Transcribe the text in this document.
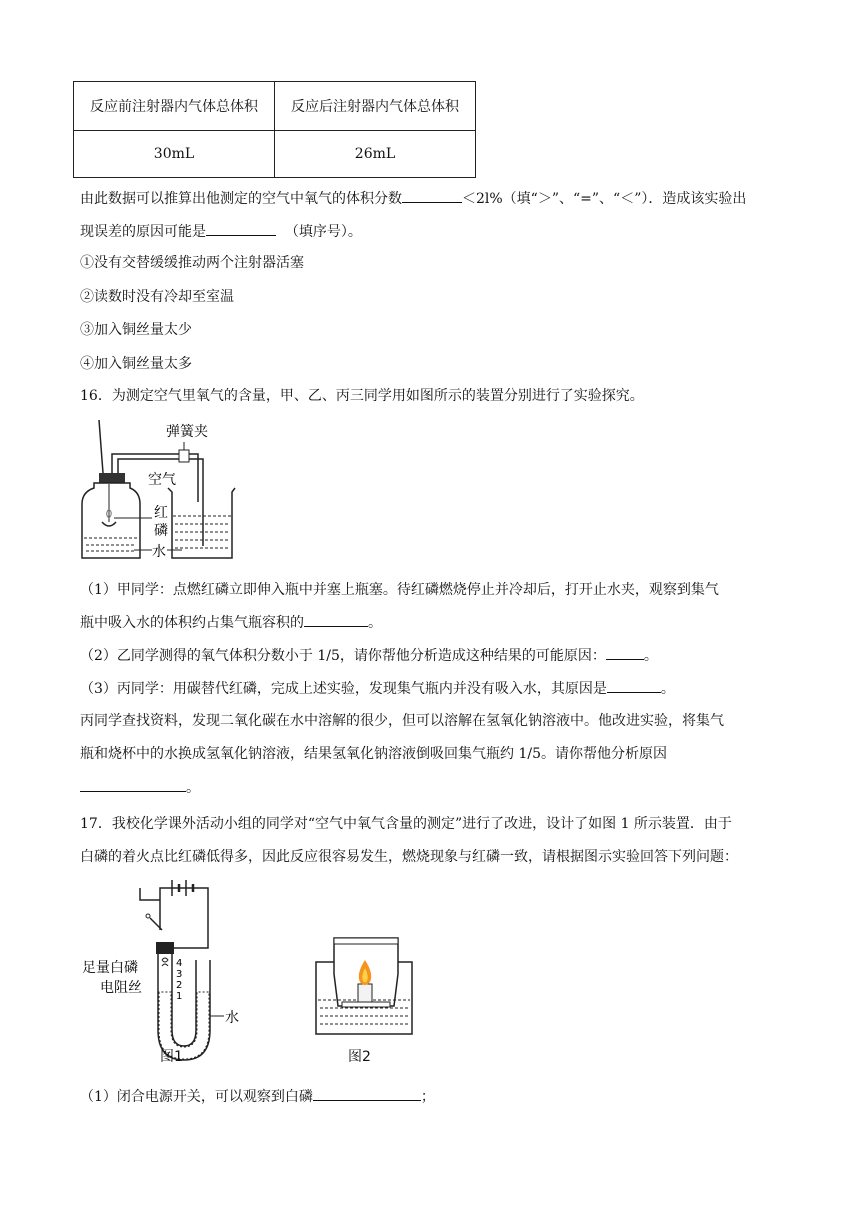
反应前注射器内气体总体积	反应后注射器内气体总体积
30mL	26mL
由此数据可以推算出他测定的空气中氧气的体积分数	＜2l%（填“＞”、“=”、“＜”）．造成该实验出
现误差的原因可能是	（填序号）。
①没有交替缓缓推动两个注射器活塞
②读数时没有冷却至室温
③加入铜丝量太少
④加入铜丝量太多
16．为测定空气里氧气的含量，甲、乙、丙三同学用如图所示的装置分别进行了实验探究。
弹簧夹
空气
红
磷
水
（1）甲同学：点燃红磷立即伸入瓶中并塞上瓶塞。待红磷燃烧停止并冷却后，打开止水夹，观察到集气
瓶中吸入水的体积约占集气瓶容积的	。
（2）乙同学测得的氧气体积分数小于 1/5，请你帮他分析造成这种结果的可能原因：	。
（3）丙同学：用碳替代红磷，完成上述实验，发现集气瓶内并没有吸入水，其原因是	。
丙同学查找资料，发现二氧化碳在水中溶解的很少，但可以溶解在氢氧化钠溶液中。他改进实验，将集气
瓶和烧杯中的水换成氢氧化钠溶液，结果氢氧化钠溶液倒吸回集气瓶约 1/5。请你帮他分析原因
。
17．我校化学课外活动小组的同学对“空气中氧气含量的测定”进行了改进，设计了如图 1 所示装置．由于
白磷的着火点比红磷低得多，因此反应很容易发生，燃烧现象与红磷一致，请根据图示实验回答下列问题：
4
3
2
1
水
足量白磷
电阻丝
图1	图2
（1）闭合电源开关，可以观察到白磷	；
